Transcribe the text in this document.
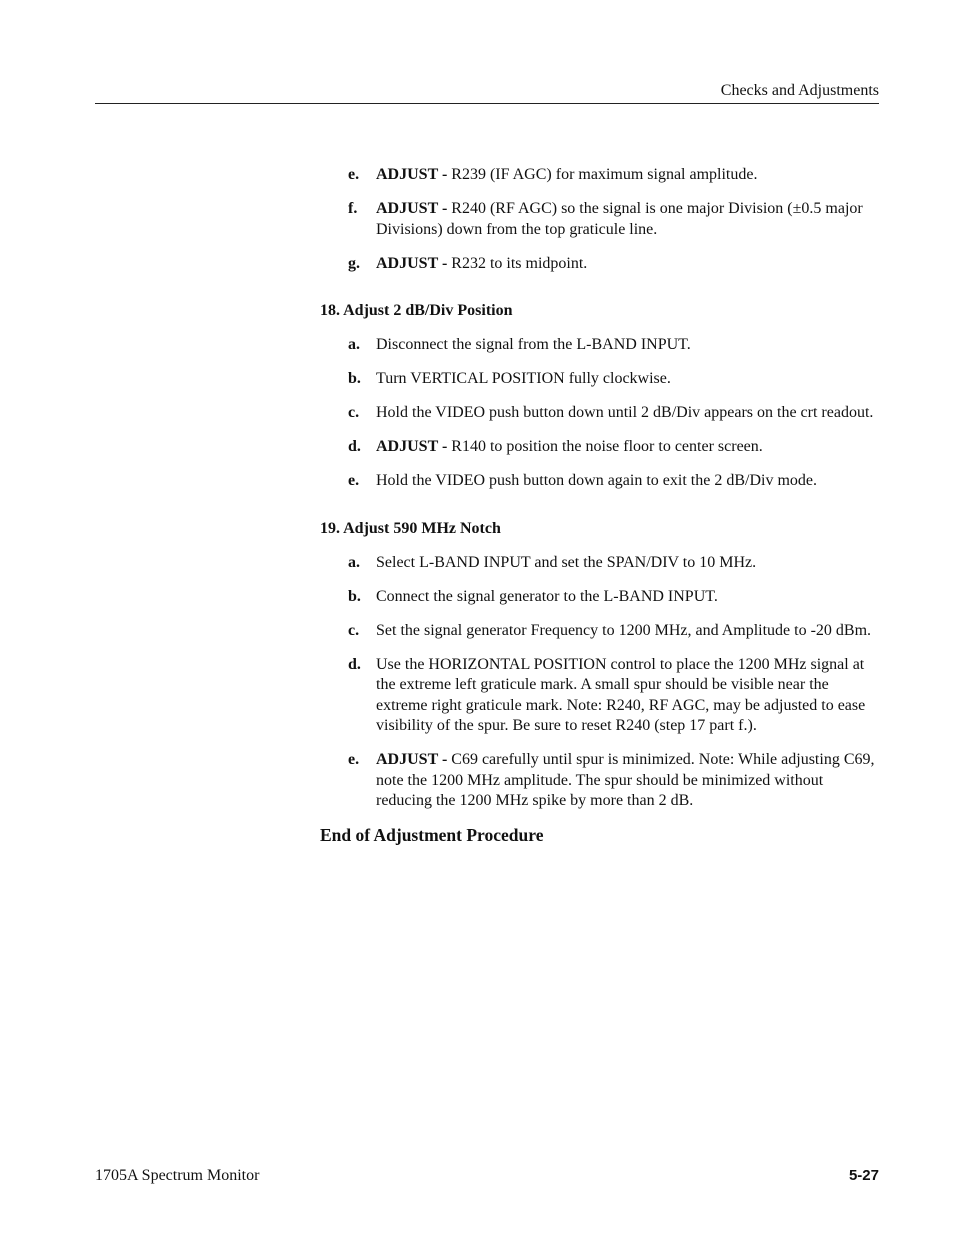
Checks and Adjustments
e.	ADJUST - R239 (IF AGC) for maximum signal amplitude.
f.	ADJUST - R240 (RF AGC) so the signal is one major Division (±0.5 major Divisions) down from the top graticule line.
g.	ADJUST - R232 to its midpoint.
18. Adjust 2 dB/Div Position
a.	Disconnect the signal from the L-BAND INPUT.
b. Turn VERTICAL POSITION fully clockwise.
c.	Hold the VIDEO push button down until 2 dB/Div appears on the crt readout.
d. ADJUST - R140 to position the noise floor to center screen.
e.	Hold the VIDEO push button down again to exit the 2 dB/Div mode.
19. Adjust 590 MHz Notch
a.	Select L-BAND INPUT and set the SPAN/DIV to 10 MHz.
b. Connect the signal generator to the L-BAND INPUT.
c.	Set the signal generator Frequency to 1200 MHz, and Amplitude to -20 dBm.
d. Use the HORIZONTAL POSITION control to place the 1200 MHz signal at the extreme left graticule mark. A small spur should be visible near the extreme right graticule mark. Note: R240, RF AGC, may be adjusted to ease visibility of the spur. Be sure to reset R240 (step 17 part f.).
e.	ADJUST - C69 carefully until spur is minimized. Note: While adjusting C69, note the 1200 MHz amplitude. The spur should be minimized without reducing the 1200 MHz spike by more than 2 dB.
End of Adjustment Procedure
1705A Spectrum Monitor	5-27
